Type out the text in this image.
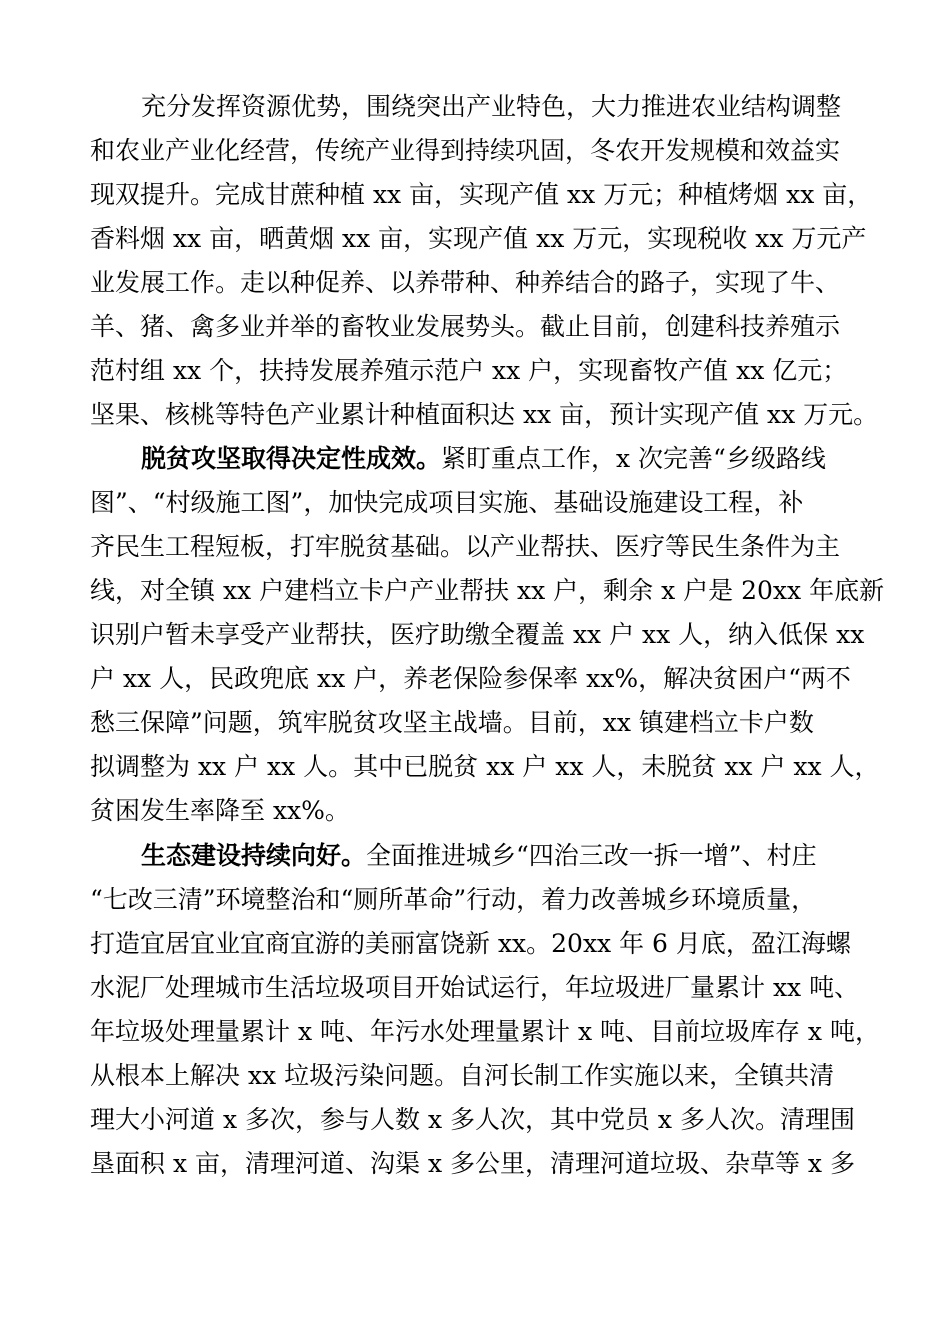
充分发挥资源优势，围绕突出产业特色，大力推进农业结构调整
和农业产业化经营，传统产业得到持续巩固，冬农开发规模和效益实
现双提升。完成甘蔗种植 xx 亩，实现产值 xx 万元；种植烤烟 xx 亩，
香料烟 xx 亩，晒黄烟 xx 亩，实现产值 xx 万元，实现税收 xx 万元产
业发展工作。走以种促养、以养带种、种养结合的路子，实现了牛、
羊、猪、禽多业并举的畜牧业发展势头。截止目前，创建科技养殖示
范村组 xx 个，扶持发展养殖示范户 xx 户，实现畜牧产值 xx 亿元；
坚果、核桃等特色产业累计种植面积达 xx 亩，预计实现产值 xx 万元。
脱贫攻坚取得决定性成效。紧盯重点工作，x 次完善“乡级路线
图”、“村级施工图”，加快完成项目实施、基础设施建设工程，补
齐民生工程短板，打牢脱贫基础。以产业帮扶、医疗等民生条件为主
线，对全镇 xx 户建档立卡户产业帮扶 xx 户，剩余 x 户是 20xx 年底新
识别户暂未享受产业帮扶，医疗助缴全覆盖 xx 户 xx 人，纳入低保 xx
户 xx 人，民政兜底 xx 户，养老保险参保率 xx%，解决贫困户“两不
愁三保障”问题，筑牢脱贫攻坚主战墙。目前，xx 镇建档立卡户数
拟调整为 xx 户 xx 人。其中已脱贫 xx 户 xx 人，未脱贫 xx 户 xx 人，
贫困发生率降至 xx%。
生态建设持续向好。全面推进城乡“四治三改一拆一增”、村庄
“七改三清”环境整治和“厕所革命”行动，着力改善城乡环境质量，
打造宜居宜业宜商宜游的美丽富饶新 xx。20xx 年 6 月底，盈江海螺
水泥厂处理城市生活垃圾项目开始试运行，年垃圾进厂量累计 xx 吨、
年垃圾处理量累计 x 吨、年污水处理量累计 x 吨、目前垃圾库存 x 吨，
从根本上解决 xx 垃圾污染问题。自河长制工作实施以来，全镇共清
理大小河道 x 多次，参与人数 x 多人次，其中党员 x 多人次。清理围
垦面积 x 亩，清理河道、沟渠 x 多公里，清理河道垃圾、杂草等 x 多
